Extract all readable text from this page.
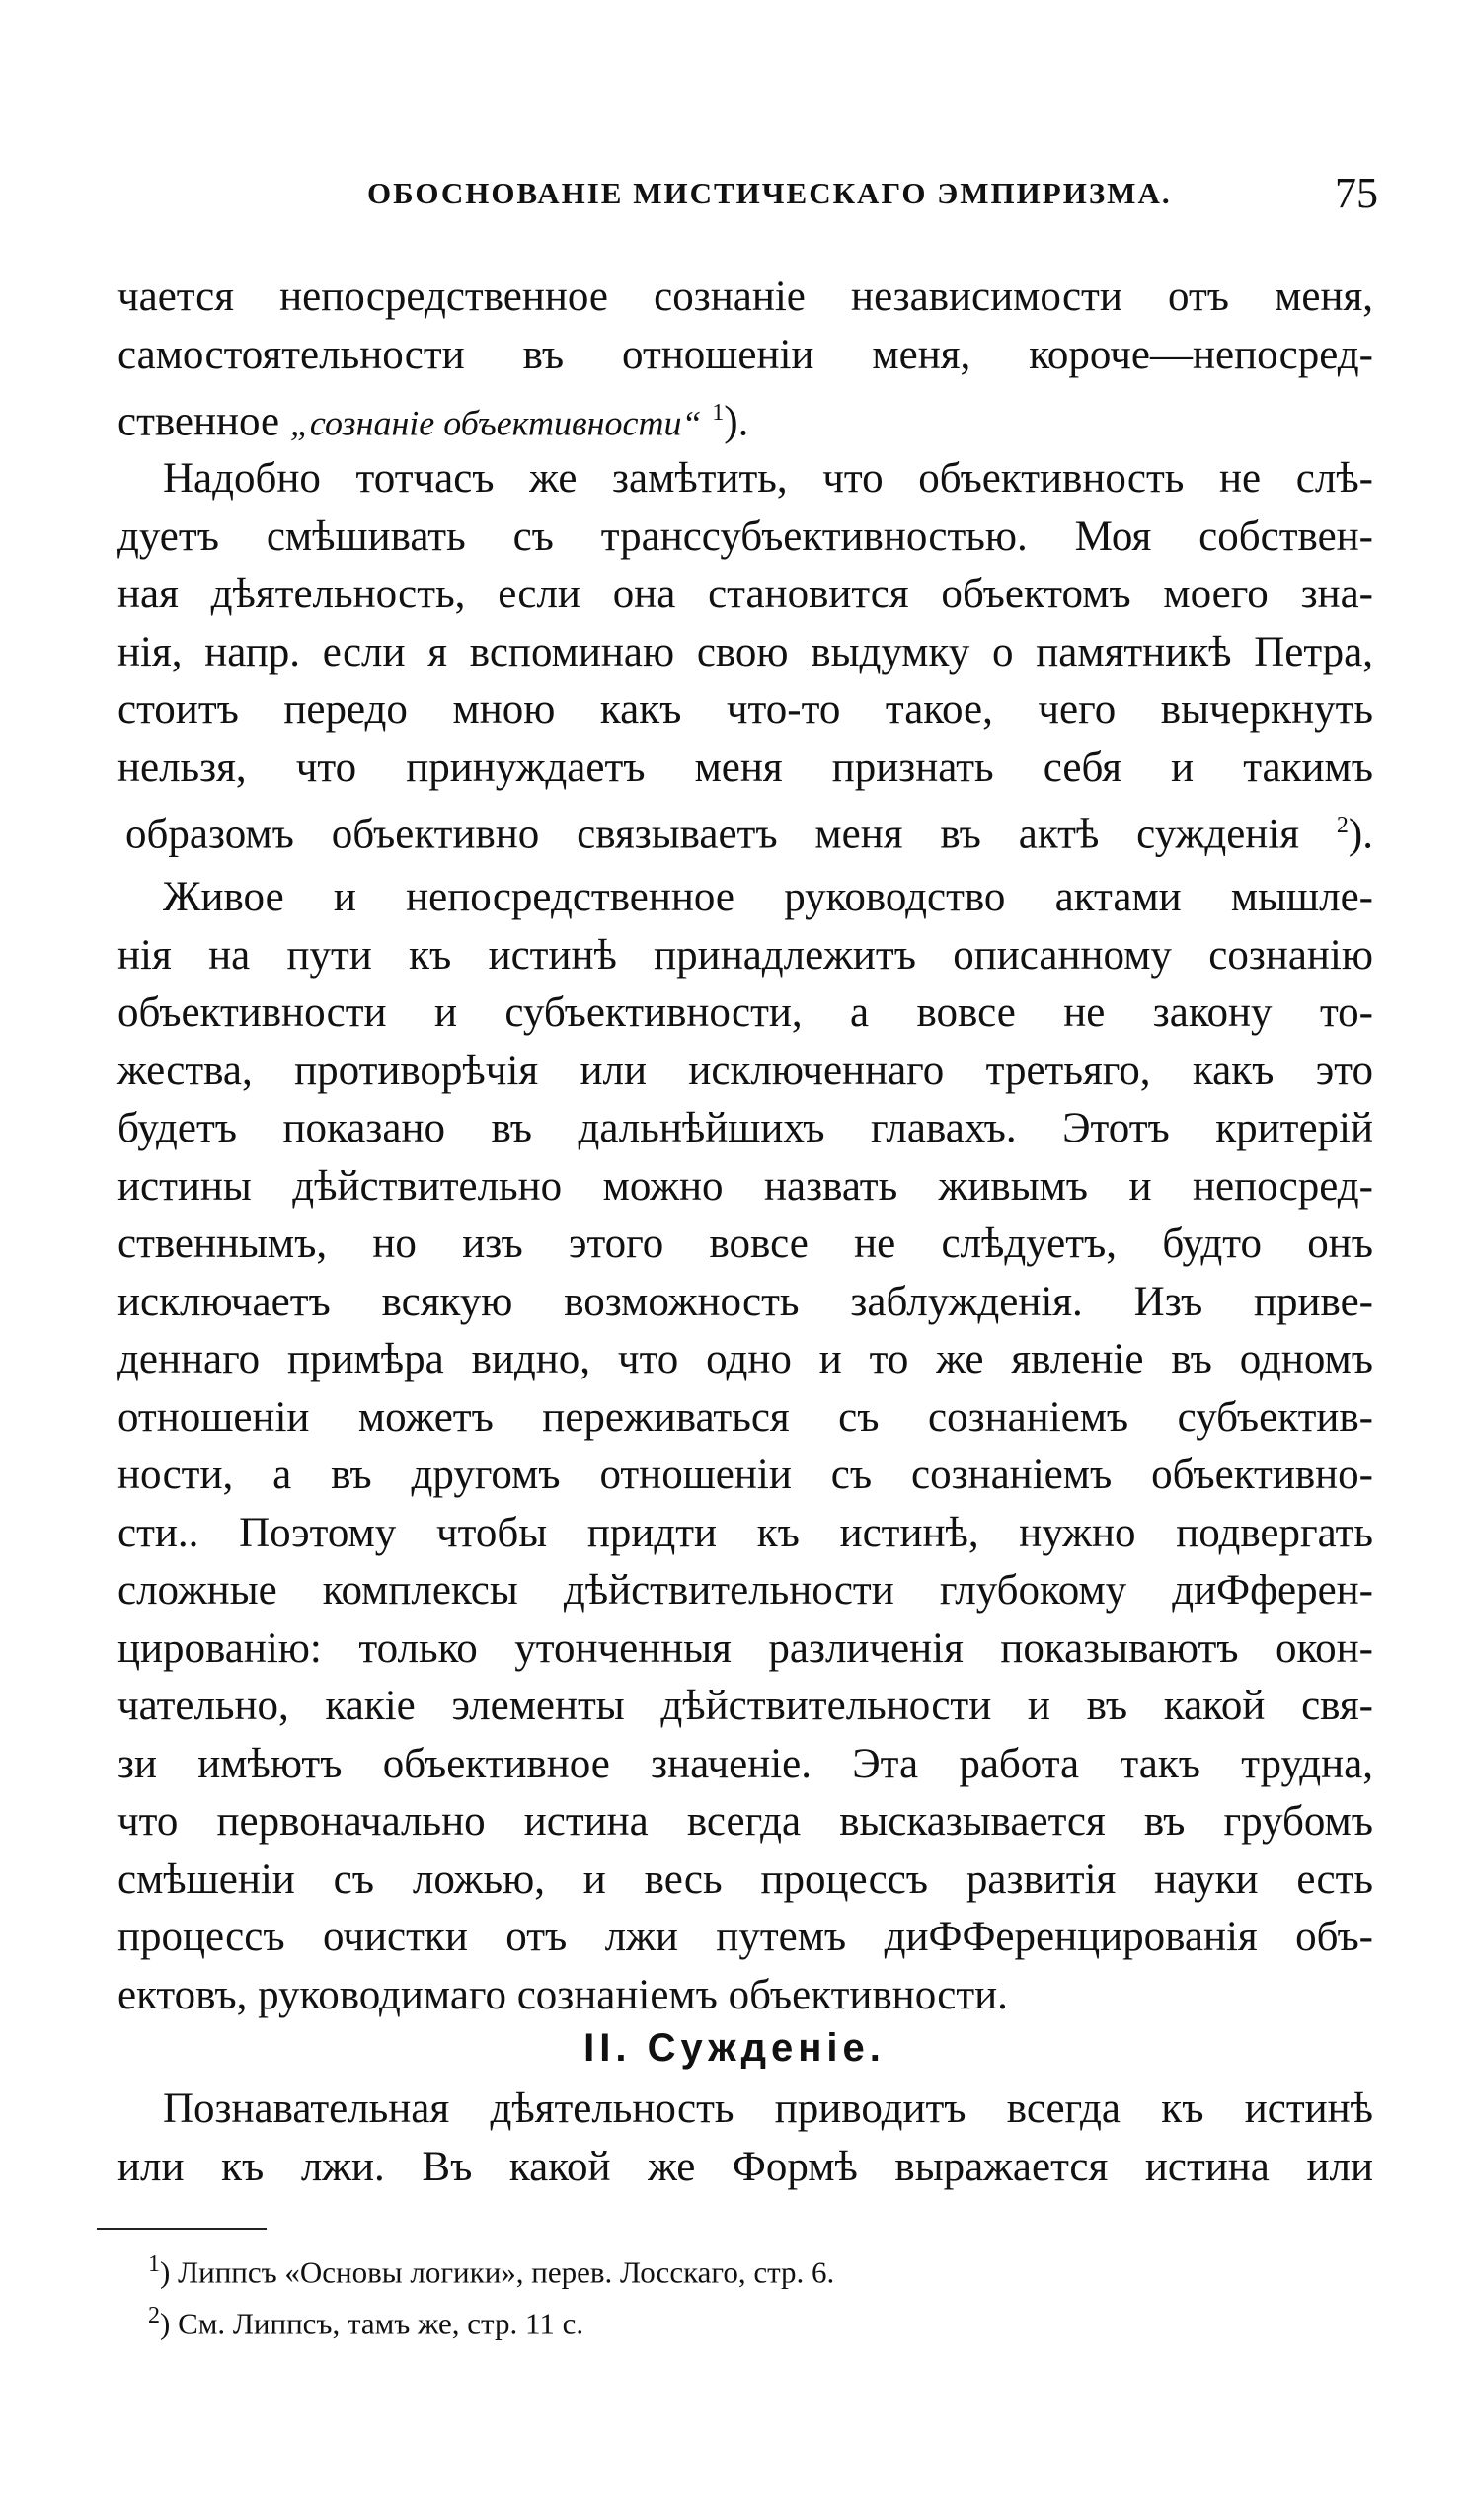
ОБОСНОВАНІЕ МИСТИЧЕСКАГО ЭМПИРИЗМА.	75
чается непосредственное сознаніе независимости отъ меня,
самостоятельности въ отношеніи меня, короче—непосред-
ственное „сознаніе объективности“ $^1$).
Надобно тотчасъ же замѣтить, что объективность не слѣ-
дуетъ смѣшивать съ транссубъективностью. Моя собствен-
ная дѣятельность, если она становится объектомъ моего зна-
нія, напр. если я вспоминаю свою выдумку о памятникѣ Петра,
стоитъ передо мною какъ что-то такое, чего вычеркнуть
нельзя, что принуждаетъ меня признать себя и такимъ
образомъ объективно связываетъ меня въ актѣ сужденія $^2$).
Живое и непосредственное руководство актами мышле-
нія на пути къ истинѣ принадлежитъ описанному сознанію
объективности и субъективности, а вовсе не закону то-
жества, противорѣчія или исключеннаго третьяго, какъ это
будетъ показано въ дальнѣйшихъ главахъ. Этотъ критерій
истины дѣйствительно можно назвать живымъ и непосред-
ственнымъ, но изъ этого вовсе не слѣдуетъ, будто онъ
исключаетъ всякую возможность заблужденія. Изъ приве-
деннаго примѣра видно, что одно и то же явленіе въ одномъ
отношеніи можетъ переживаться съ сознаніемъ субъектив-
ности, а въ другомъ отношеніи съ сознаніемъ объективно-
сти.. Поэтому чтобы придти къ истинѣ, нужно подвергать
сложные комплексы дѣйствительности глубокому диФферен-
цированію: только утонченныя различенія показываютъ окон-
чательно, какіе элементы дѣйствительности и въ какой свя-
зи имѣютъ объективное значеніе. Эта работа такъ трудна,
что первоначально истина всегда высказывается въ грубомъ
смѣшеніи съ ложью, и весь процессъ развитія науки есть
процессъ очистки отъ лжи путемъ диФФеренцированія объ-
ектовъ, руководимаго сознаніемъ объективности.
II. Сужденіе.
Познавательная дѣятельность приводитъ всегда къ истинѣ
или къ лжи. Въ какой же Формѣ выражается истина или
$^1$) Липпсъ «Основы логики», перев. Лосскаго, стр. 6.
$^2$) См. Липпсъ, тамъ же, стр. 11 с.
